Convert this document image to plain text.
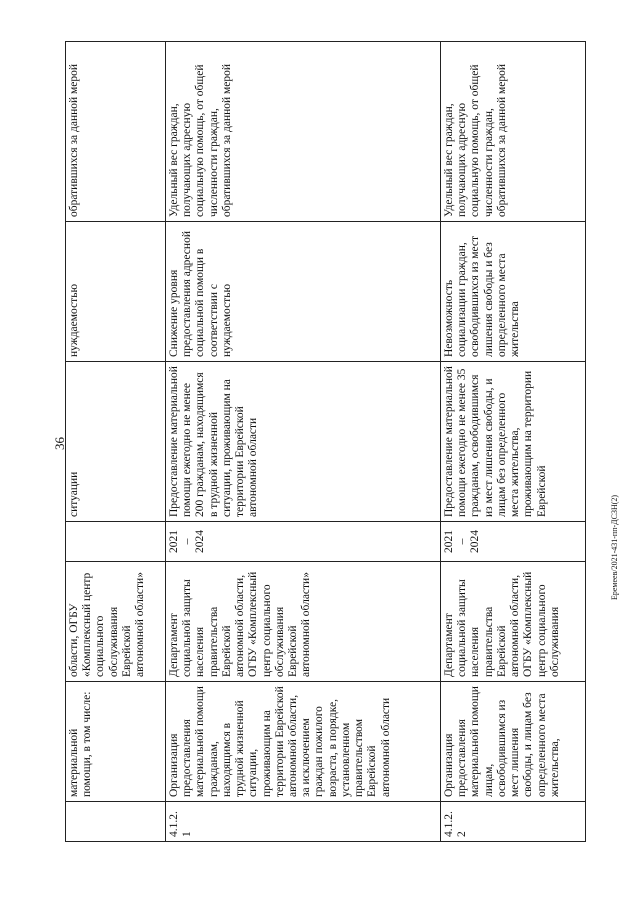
36
Еремеев/2021-431-пп-ДСЗН(2)
	материальной помощи, в том числе:	области, ОГБУ «Комплексный центр социального обслуживания Еврейской автономной области»		ситуации	нуждаемостью	обратившихся за данной мерой
4.1.2.1	Организация предоставления материальной помощи гражданам, находящимся в трудной жизненной ситуации, проживающим на территории Еврейской автономной области, за исключением граждан пожилого возраста, в порядке, установленном правительством Еврейской автономной области	Департамент социальной защиты населения правительства Еврейской автономной области, ОГБУ «Комплексный центр социального обслуживания Еврейской автономной области»	2021 – 2024	Предоставление материальной помощи ежегодно не менее 200 гражданам, находящимся в трудной жизненной ситуации, проживающим на территории Еврейской автономной области	Снижение уровня предоставления адресной социальной помощи в соответствии с нуждаемостью	Удельный вес граждан, получающих адресную социальную помощь, от общей численности граждан, обратившихся за данной мерой
4.1.2.2	Организация предоставления материальной помощи лицам, освободившимся из мест лишения свободы, и лицам без определенного места жительства,	Департамент социальной защиты населения правительства Еврейской автономной области, ОГБУ «Комплексный центр социального обслуживания	2021 – 2024	Предоставление материальной помощи ежегодно не менее 35 гражданам, освободившимся из мест лишения свободы, и лицам без определенного места жительства, проживающим на территории Еврейской	Невозможность социализации граждан, освободившихся из мест лишения свободы и без определенного места жительства	Удельный вес граждан, получающих адресную социальную помощь, от общей численности граждан, обратившихся за данной мерой
